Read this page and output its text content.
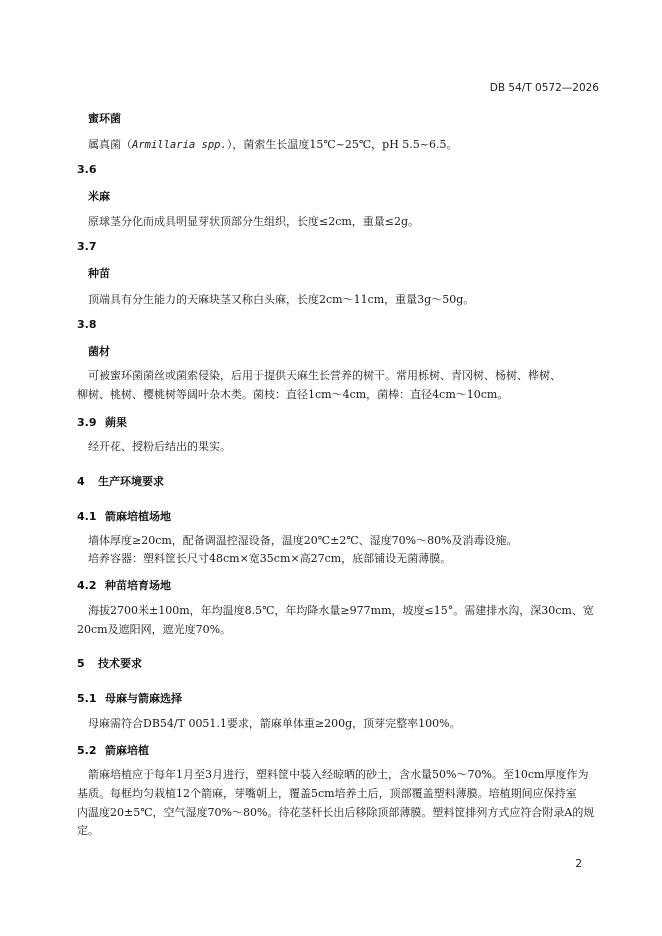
DB 54/T 0572—2026
蜜环菌
属真菌（Armillaria spp.），菌索生长温度15℃~25℃，pH 5.5~6.5。
3.6
米麻
原球茎分化而成具明显芽状顶部分生组织，长度≤2cm，重量≤2g。
3.7
种苗
顶端具有分生能力的天麻块茎又称白头麻，长度2cm～11cm，重量3g～50g。
3.8
菌材
可被蜜环菌菌丝或菌索侵染，后用于提供天麻生长营养的树干。常用栎树、青冈树、杨树、桦树、
柳树、桃树、樱桃树等阔叶杂木类。菌枝：直径1cm～4cm，菌棒：直径4cm～10cm。
3.9 蒴果
经开花、授粉后结出的果实。
4 生产环境要求
4.1 箭麻培植场地
墙体厚度≥20cm，配备调温控湿设备，温度20℃±2℃、湿度70%～80%及消毒设施。
培养容器：塑料筐长尺寸48cm×宽35cm×高27cm，底部铺设无菌薄膜。
4.2 种苗培育场地
海拔2700米±100m，年均温度8.5℃，年均降水量≥977mm，坡度≤15°。需建排水沟，深30cm、宽
20cm及遮阳网，遮光度70%。
5 技术要求
5.1 母麻与箭麻选择
母麻需符合DB54/T 0051.1要求，箭麻单体重≥200g，顶芽完整率100%。
5.2 箭麻培植
箭麻培植应于每年1月至3月进行，塑料筐中装入经晾晒的砂土，含水量50%～70%。至10cm厚度作为
基质。每框均匀栽植12个箭麻，芽嘴朝上，覆盖5cm培养土后，顶部覆盖塑料薄膜。培植期间应保持室
内温度20±5℃，空气湿度70%～80%。待花茎杆长出后移除顶部薄膜。塑料筐排列方式应符合附录A的规
定。
2
